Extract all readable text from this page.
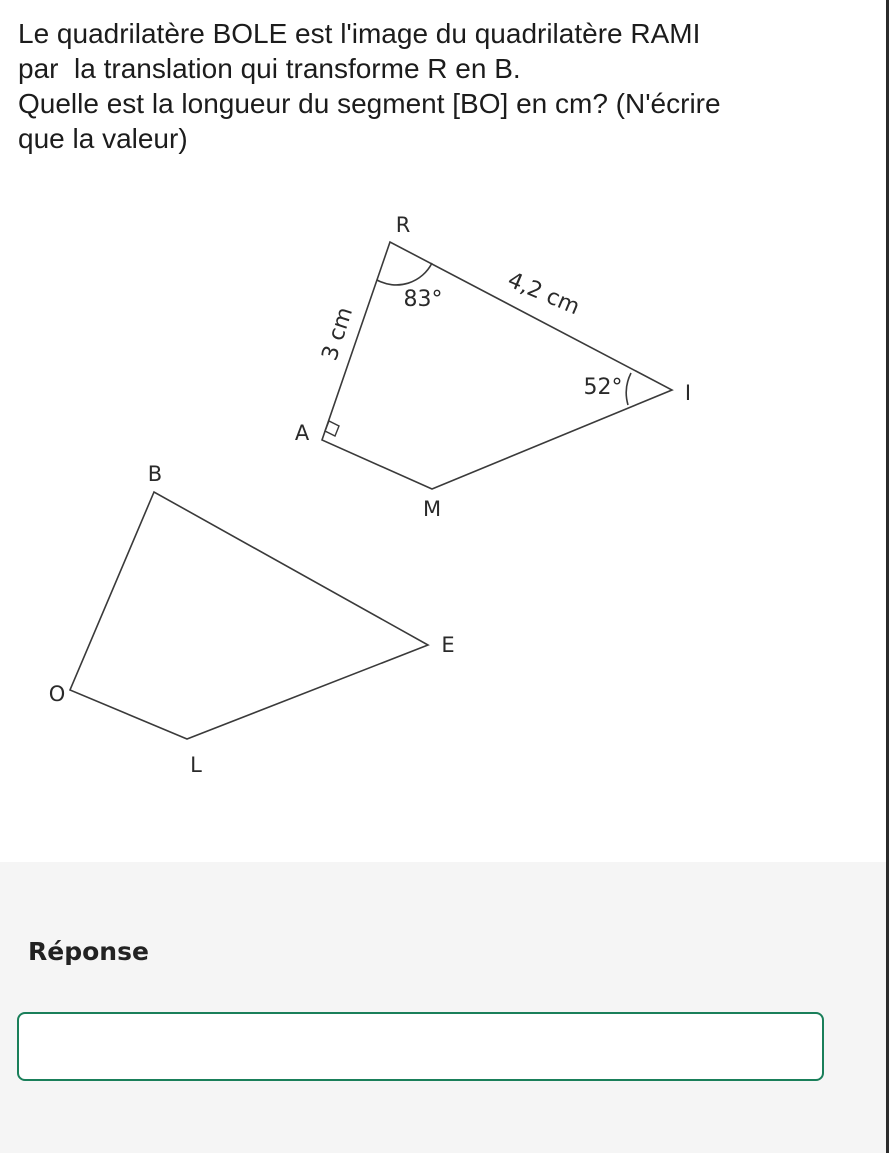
Le quadrilatère BOLE est l'image du quadrilatère RAMI
par  la translation qui transforme R en B.
Quelle est la longueur du segment [BO] en cm? (N'écrire
que la valeur)
R
A
M
I
B
O
L
E
4,2 cm
3 cm
83°
52°
Réponse
